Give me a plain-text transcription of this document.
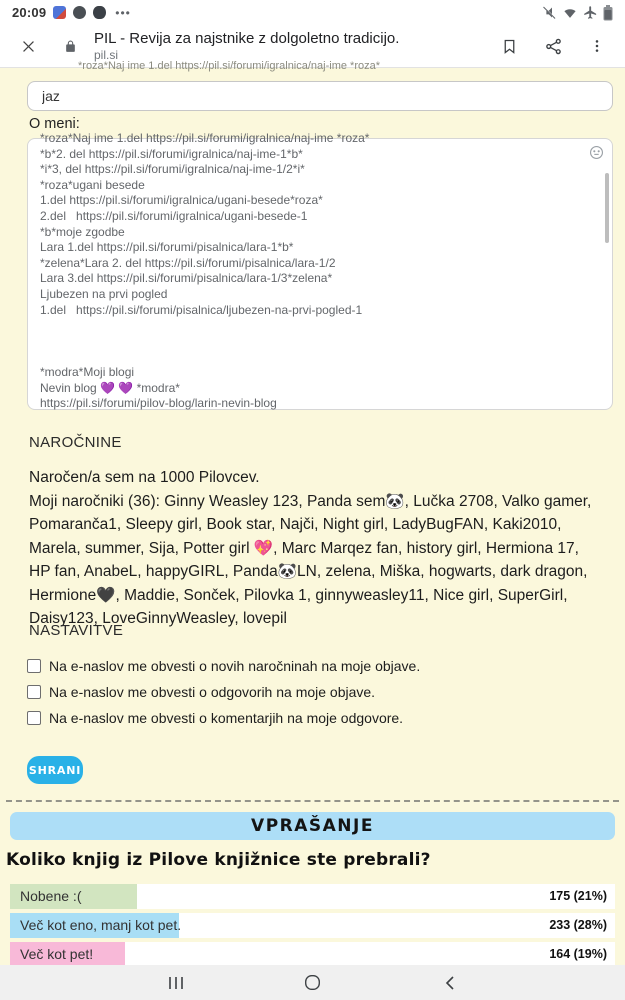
20:09	•••
PIL - Revija za najstnike z dolgoletno tradicijo.
pil.si
*roza*Naj ime 1.del https://pil.si/forumi/igralnica/naj-ime *roza*
jaz
O meni:
*roza*Naj ime 1.del https://pil.si/forumi/igralnica/naj-ime *roza*
*b*2. del https://pil.si/forumi/igralnica/naj-ime-1*b*
*i*3, del https://pil.si/forumi/igralnica/naj-ime-1/2*i*
*roza*ugani besede
1.del https://pil.si/forumi/igralnica/ugani-besede*roza*
2.del   https://pil.si/forumi/igralnica/ugani-besede-1
*b*moje zgodbe
Lara 1.del https://pil.si/forumi/pisalnica/lara-1*b*
*zelena*Lara 2. del https://pil.si/forumi/pisalnica/lara-1/2
Lara 3.del https://pil.si/forumi/pisalnica/lara-1/3*zelena*
Ljubezen na prvi pogled
1.del   https://pil.si/forumi/pisalnica/ljubezen-na-prvi-pogled-1
*modra*Moji blogi
Nevin blog 💜 💜 *modra*
https://pil.si/forumi/pilov-blog/larin-nevin-blog
NAROČNINE
Naročen/a sem na 1000 Pilovcev.
Moji naročniki (36): Ginny Weasley 123, Panda sem🐼, Lučka 2708, Valko gamer, Pomaranča1, Sleepy girl, Book star, Najči, Night girl, LadyBugFAN, Kaki2010, Marela, summer, Sija, Potter girl 💖, Marc Marqez fan, history girl, Hermiona 17, HP fan, AnabeL, happyGIRL, Panda🐼LN, zelena, Miška, hogwarts, dark dragon, Hermione🖤, Maddie, Sonček, Pilovka 1, ginnyweasley11, Nice girl, SuperGirl, Daisy123, LoveGinnyWeasley, lovepil
NASTAVITVE
Na e-naslov me obvesti o novih naročninah na moje objave.
Na e-naslov me obvesti o odgovorih na moje objave.
Na e-naslov me obvesti o komentarjih na moje odgovore.
SHRANI
VPRAŠANJE
Koliko knjig iz Pilove knjižnice ste prebrali?
Nobene :(	175 (21%)
Več kot eno, manj kot pet.	233 (28%)
Več kot pet!	164 (19%)
